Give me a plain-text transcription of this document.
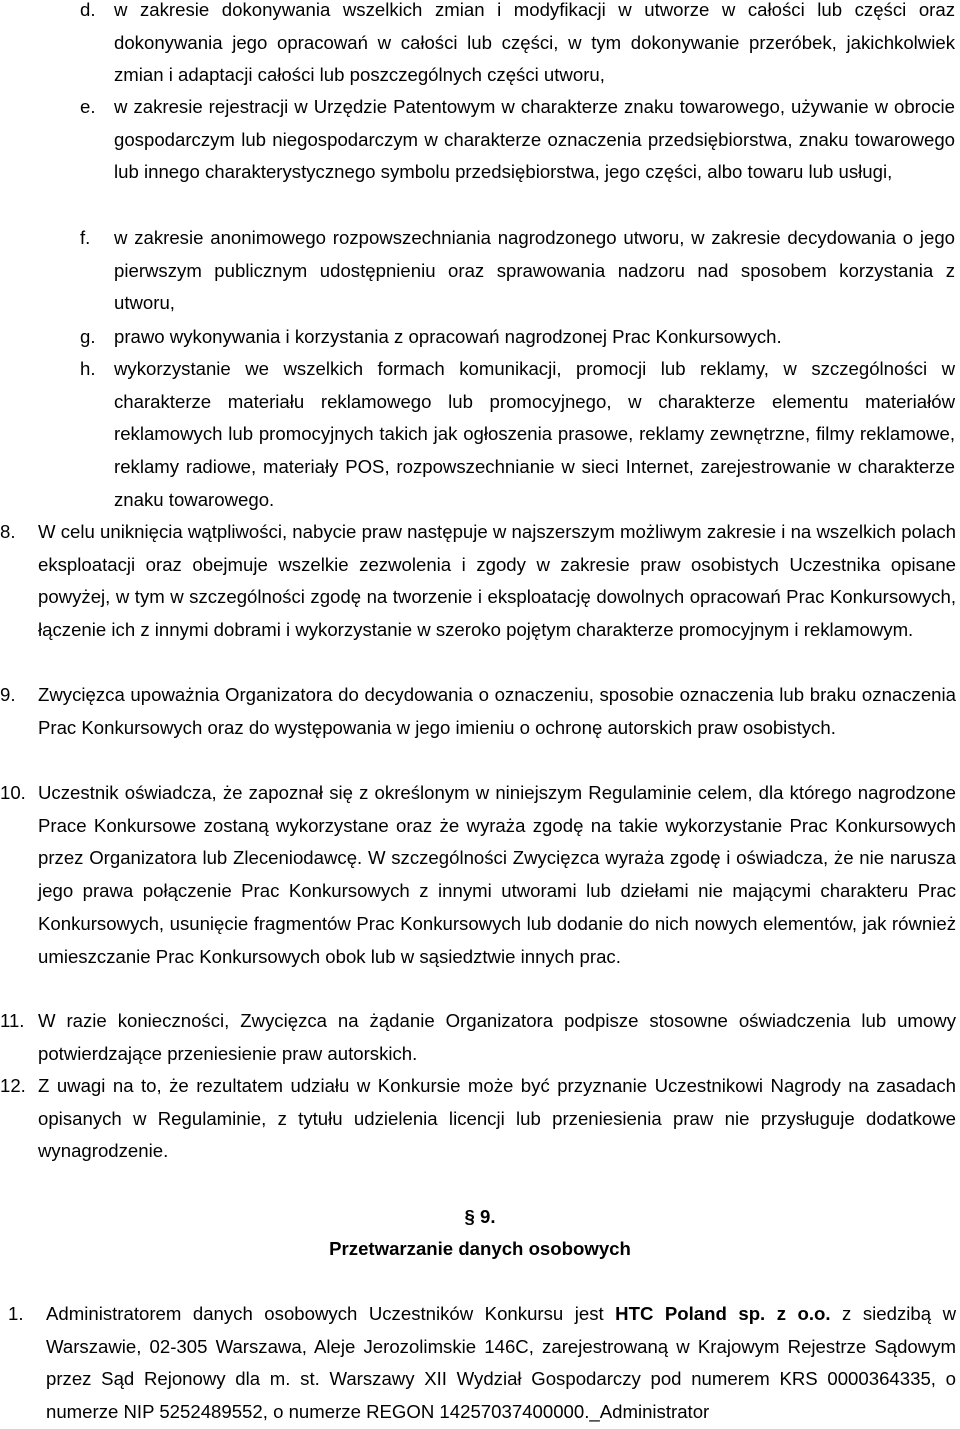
d. w zakresie dokonywania wszelkich zmian i modyfikacji w utworze w całości lub części oraz dokonywania jego opracowań w całości lub części, w tym dokonywanie przeróbek, jakichkolwiek zmian i adaptacji całości lub poszczególnych części utworu,
e. w zakresie rejestracji w Urzędzie Patentowym w charakterze znaku towarowego, używanie w obrocie gospodarczym lub niegospodarczym w charakterze oznaczenia przedsiębiorstwa, znaku towarowego lub innego charakterystycznego symbolu przedsiębiorstwa, jego części, albo towaru lub usługi,
f. w zakresie anonimowego rozpowszechniania nagrodzonego utworu, w zakresie decydowania o jego pierwszym publicznym udostępnieniu oraz sprawowania nadzoru nad sposobem korzystania z utworu,
g. prawo wykonywania i korzystania z opracowań nagrodzonej Prac Konkursowych.
h. wykorzystanie we wszelkich formach komunikacji, promocji lub reklamy, w szczególności w charakterze materiału reklamowego lub promocyjnego, w charakterze elementu materiałów reklamowych lub promocyjnych takich jak ogłoszenia prasowe, reklamy zewnętrzne, filmy reklamowe, reklamy radiowe, materiały POS, rozpowszechnianie w sieci Internet, zarejestrowanie w charakterze znaku towarowego.
8. W celu uniknięcia wątpliwości, nabycie praw następuje w najszerszym możliwym zakresie i na wszelkich polach eksploatacji oraz obejmuje wszelkie zezwolenia i zgody w zakresie praw osobistych Uczestnika opisane powyżej, w tym w szczególności zgodę na tworzenie i eksploatację dowolnych opracowań Prac Konkursowych, łączenie ich z innymi dobrami i wykorzystanie w szeroko pojętym charakterze promocyjnym i reklamowym.
9. Zwycięzca upoważnia Organizatora do decydowania o oznaczeniu, sposobie oznaczenia lub braku oznaczenia Prac Konkursowych oraz do występowania w jego imieniu o ochronę autorskich praw osobistych.
10. Uczestnik oświadcza, że zapoznał się z określonym w niniejszym Regulaminie celem, dla którego nagrodzone Prace Konkursowe zostaną wykorzystane oraz że wyraża zgodę na takie wykorzystanie Prac Konkursowych przez Organizatora lub Zleceniodawcę. W szczególności Zwycięzca wyraża zgodę i oświadcza, że nie narusza jego prawa połączenie Prac Konkursowych z innymi utworami lub dziełami nie mającymi charakteru Prac Konkursowych, usunięcie fragmentów Prac Konkursowych lub dodanie do nich nowych elementów, jak również umieszczanie Prac Konkursowych obok lub w sąsiedztwie innych prac.
11. W razie konieczności, Zwycięzca na żądanie Organizatora podpisze stosowne oświadczenia lub umowy potwierdzające przeniesienie praw autorskich.
12. Z uwagi na to, że rezultatem udziału w Konkursie może być przyznanie Uczestnikowi Nagrody na zasadach opisanych w Regulaminie, z tytułu udzielenia licencji lub przeniesienia praw nie przysługuje dodatkowe wynagrodzenie.
§ 9.
Przetwarzanie danych osobowych
1. Administratorem danych osobowych Uczestników Konkursu jest HTC Poland sp. z o.o. z siedzibą w Warszawie, 02-305 Warszawa, Aleje Jerozolimskie 146C, zarejestrowaną w Krajowym Rejestrze Sądowym przez Sąd Rejonowy dla m. st. Warszawy XII Wydział Gospodarczy pod numerem KRS 0000364335, o numerze NIP 5252489552, o numerze REGON 14257037400000._Administrator
